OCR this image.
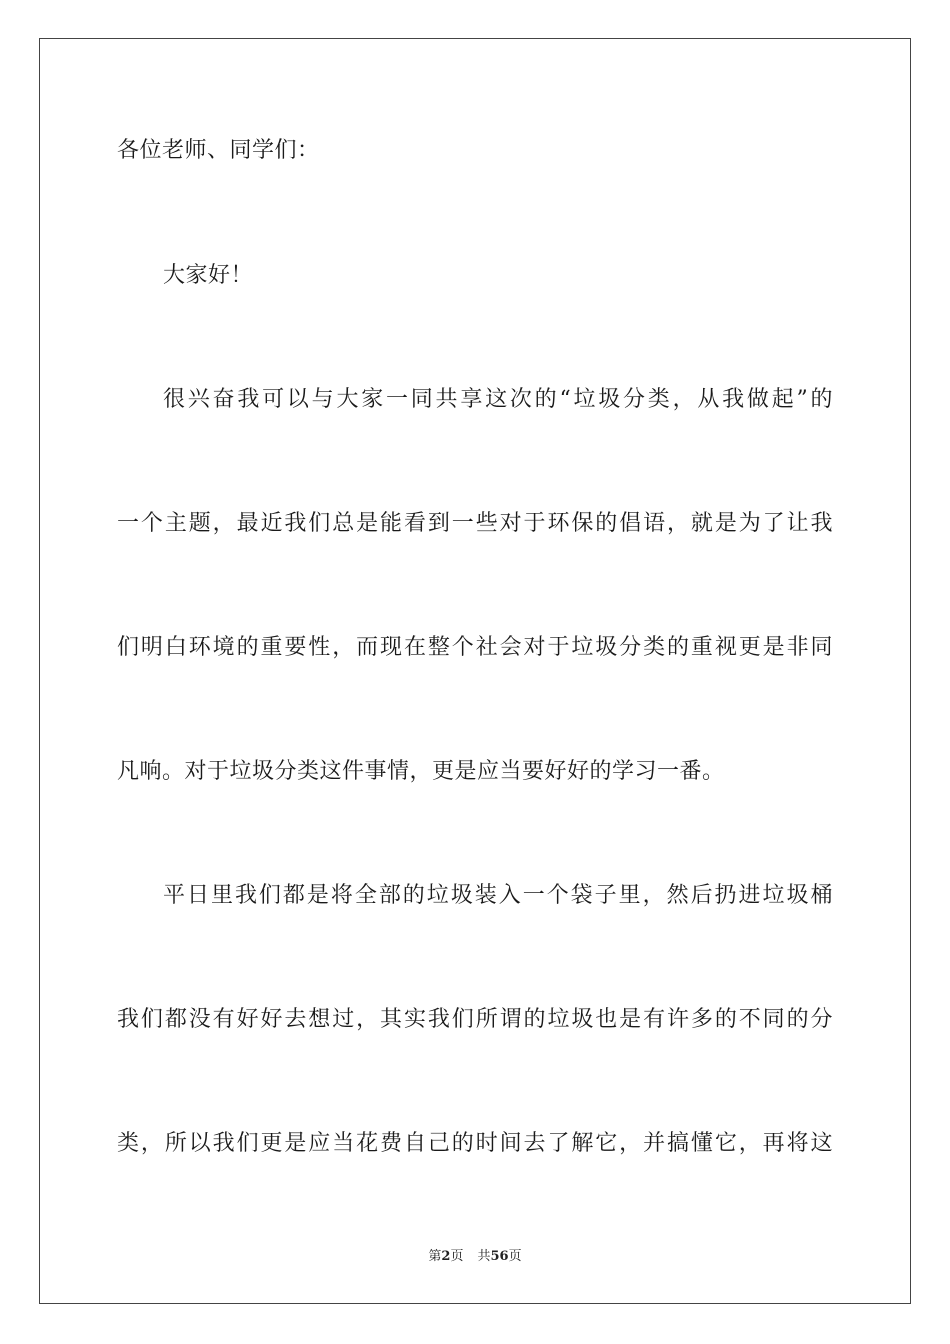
各位老师、同学们：
大家好！
很兴奋我可以与大家一同共享这次的“垃圾分类，从我做起”的
一个主题，最近我们总是能看到一些对于环保的倡语，就是为了让我
们明白环境的重要性，而现在整个社会对于垃圾分类的重视更是非同
凡响。对于垃圾分类这件事情，更是应当要好好的学习一番。
平日里我们都是将全部的垃圾装入一个袋子里，然后扔进垃圾桶
我们都没有好好去想过，其实我们所谓的垃圾也是有许多的不同的分
类，所以我们更是应当花费自己的时间去了解它，并搞懂它，再将这
第2页 共56页
